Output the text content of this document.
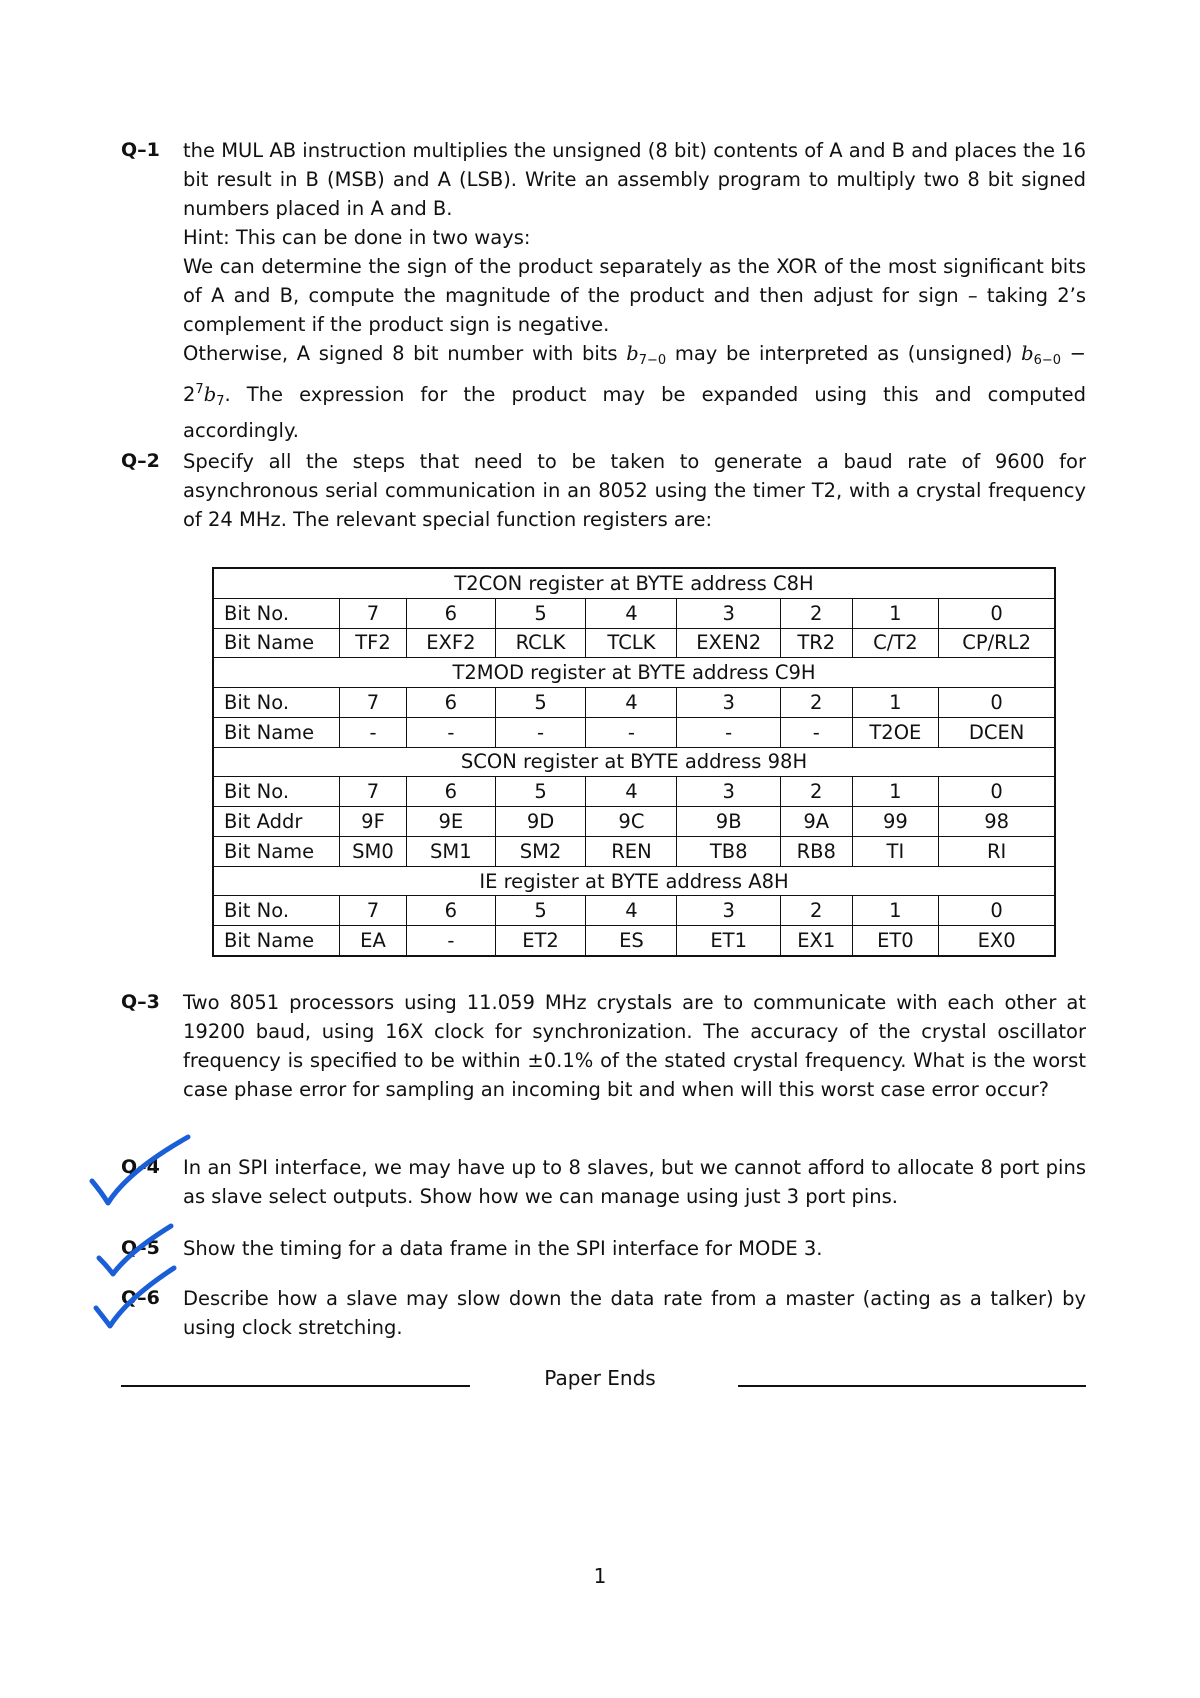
Q–1	the MUL AB instruction multiplies the unsigned (8 bit) contents of A and B and places the 16 bit result in B (MSB) and A (LSB). Write an assembly program to multiply two 8 bit signed numbers placed in A and B.

Hint: This can be done in two ways:

We can determine the sign of the product separately as the XOR of the most significant bits of A and B, compute the magnitude of the product and then adjust for sign – taking 2’s complement if the product sign is negative.

Otherwise, A signed 8 bit number with bits $b_{7-0}$ may be interpreted as (unsigned) $b_{6-0} - 2^7b_7$. The expression for the product may be expanded using this and computed accordingly.

Q–2	Specify all the steps that need to be taken to generate a baud rate of 9600 for asynchronous serial communication in an 8052 using the timer T2, with a crystal frequency of 24 MHz. The relevant special function registers are:

T2CON register at BYTE address C8H								
Bit No.	7	6	5	4	3	2	1	0
Bit Name	TF2	EXF2	RCLK	TCLK	EXEN2	TR2	C/T2	CP/RL2
T2MOD register at BYTE address C9H								
Bit No.	7	6	5	4	3	2	1	0
Bit Name	-	-	-	-	-	-	T2OE	DCEN
SCON register at BYTE address 98H								
Bit No.	7	6	5	4	3	2	1	0
Bit Addr	9F	9E	9D	9C	9B	9A	99	98
Bit Name	SM0	SM1	SM2	REN	TB8	RB8	TI	RI
IE register at BYTE address A8H								
Bit No.	7	6	5	4	3	2	1	0
Bit Name	EA	-	ET2	ES	ET1	EX1	ET0	EX0
Q–3	Two 8051 processors using 11.059 MHz crystals are to communicate with each other at 19200 baud, using 16X clock for synchronization. The accuracy of the crystal oscillator frequency is specified to be within ±0.1% of the stated crystal frequency. What is the worst case phase error for sampling an incoming bit and when will this worst case error occur?

Q–4	In an SPI interface, we may have up to 8 slaves, but we cannot afford to allocate 8 port pins as slave select outputs. Show how we can manage using just 3 port pins.

Q–5	Show the timing for a data frame in the SPI interface for MODE 3.

Q–6	Describe how a slave may slow down the data rate from a master (acting as a talker) by using clock stretching.

Paper Ends
1
